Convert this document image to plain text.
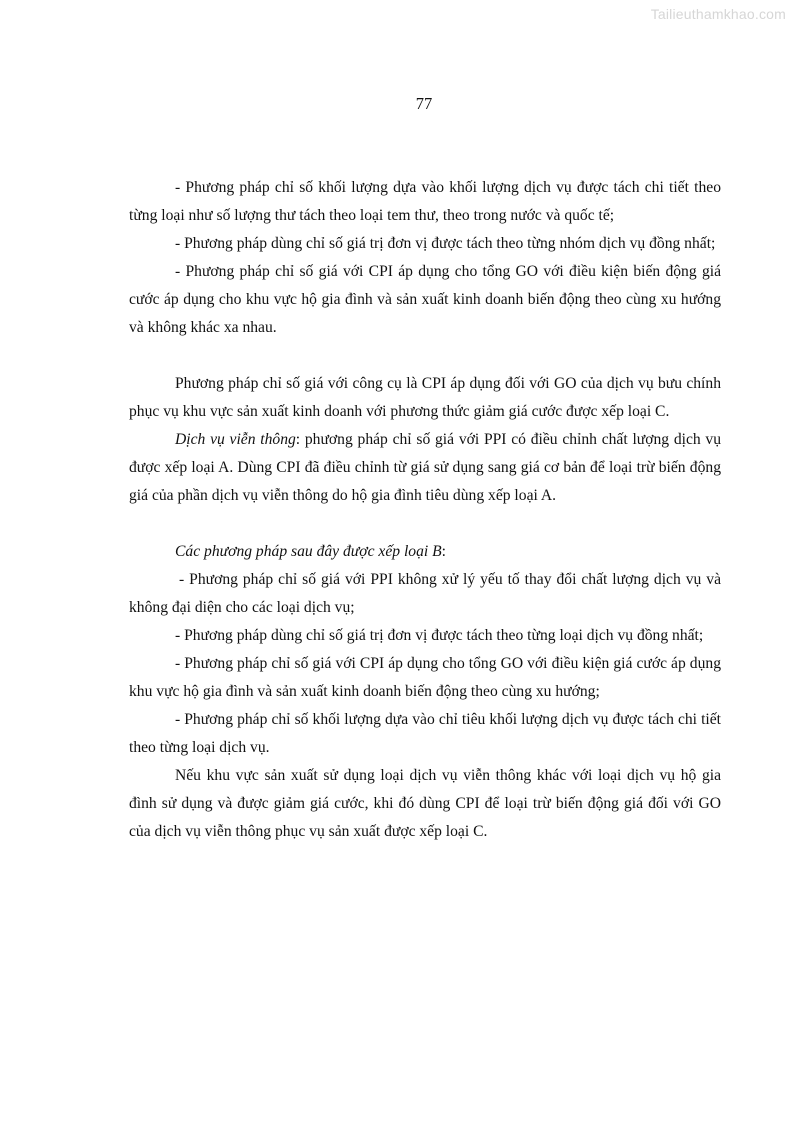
Tailieuthamkhao.com
77

- Phương pháp chỉ số khối lượng dựa vào khối lượng dịch vụ được tách chi tiết theo từng loại như số lượng thư tách theo loại tem thư, theo trong nước và quốc tế;

- Phương pháp dùng chỉ số giá trị đơn vị được tách theo từng nhóm dịch vụ đồng nhất;

- Phương pháp chỉ số giá với CPI áp dụng cho tổng GO với điều kiện biến động giá cước áp dụng cho khu vực hộ gia đình và sản xuất kinh doanh biến động theo cùng xu hướng và không khác xa nhau.

Phương pháp chỉ số giá với công cụ là CPI áp dụng đối với GO của dịch vụ bưu chính phục vụ khu vực sản xuất kinh doanh với phương thức giảm giá cước được xếp loại C.

Dịch vụ viễn thông: phương pháp chỉ số giá với PPI có điều chỉnh chất lượng dịch vụ được xếp loại A. Dùng CPI đã điều chỉnh từ giá sử dụng sang giá cơ bản để loại trừ biến động giá của phần dịch vụ viễn thông do hộ gia đình tiêu dùng xếp loại A.

Các phương pháp sau đây được xếp loại B:

- Phương pháp chỉ số giá với PPI không xử lý yếu tố thay đổi chất lượng dịch vụ và không đại diện cho các loại dịch vụ;

- Phương pháp dùng chỉ số giá trị đơn vị được tách theo từng loại dịch vụ đồng nhất;

- Phương pháp chỉ số giá với CPI áp dụng cho tổng GO với điều kiện giá cước áp dụng khu vực hộ gia đình và sản xuất kinh doanh biến động theo cùng xu hướng;

- Phương pháp chỉ số khối lượng dựa vào chỉ tiêu khối lượng dịch vụ được tách chi tiết theo từng loại dịch vụ.

Nếu khu vực sản xuất sử dụng loại dịch vụ viễn thông khác với loại dịch vụ hộ gia đình sử dụng và được giảm giá cước, khi đó dùng CPI để loại trừ biến động giá đối với GO của dịch vụ viễn thông phục vụ sản xuất được xếp loại C.
